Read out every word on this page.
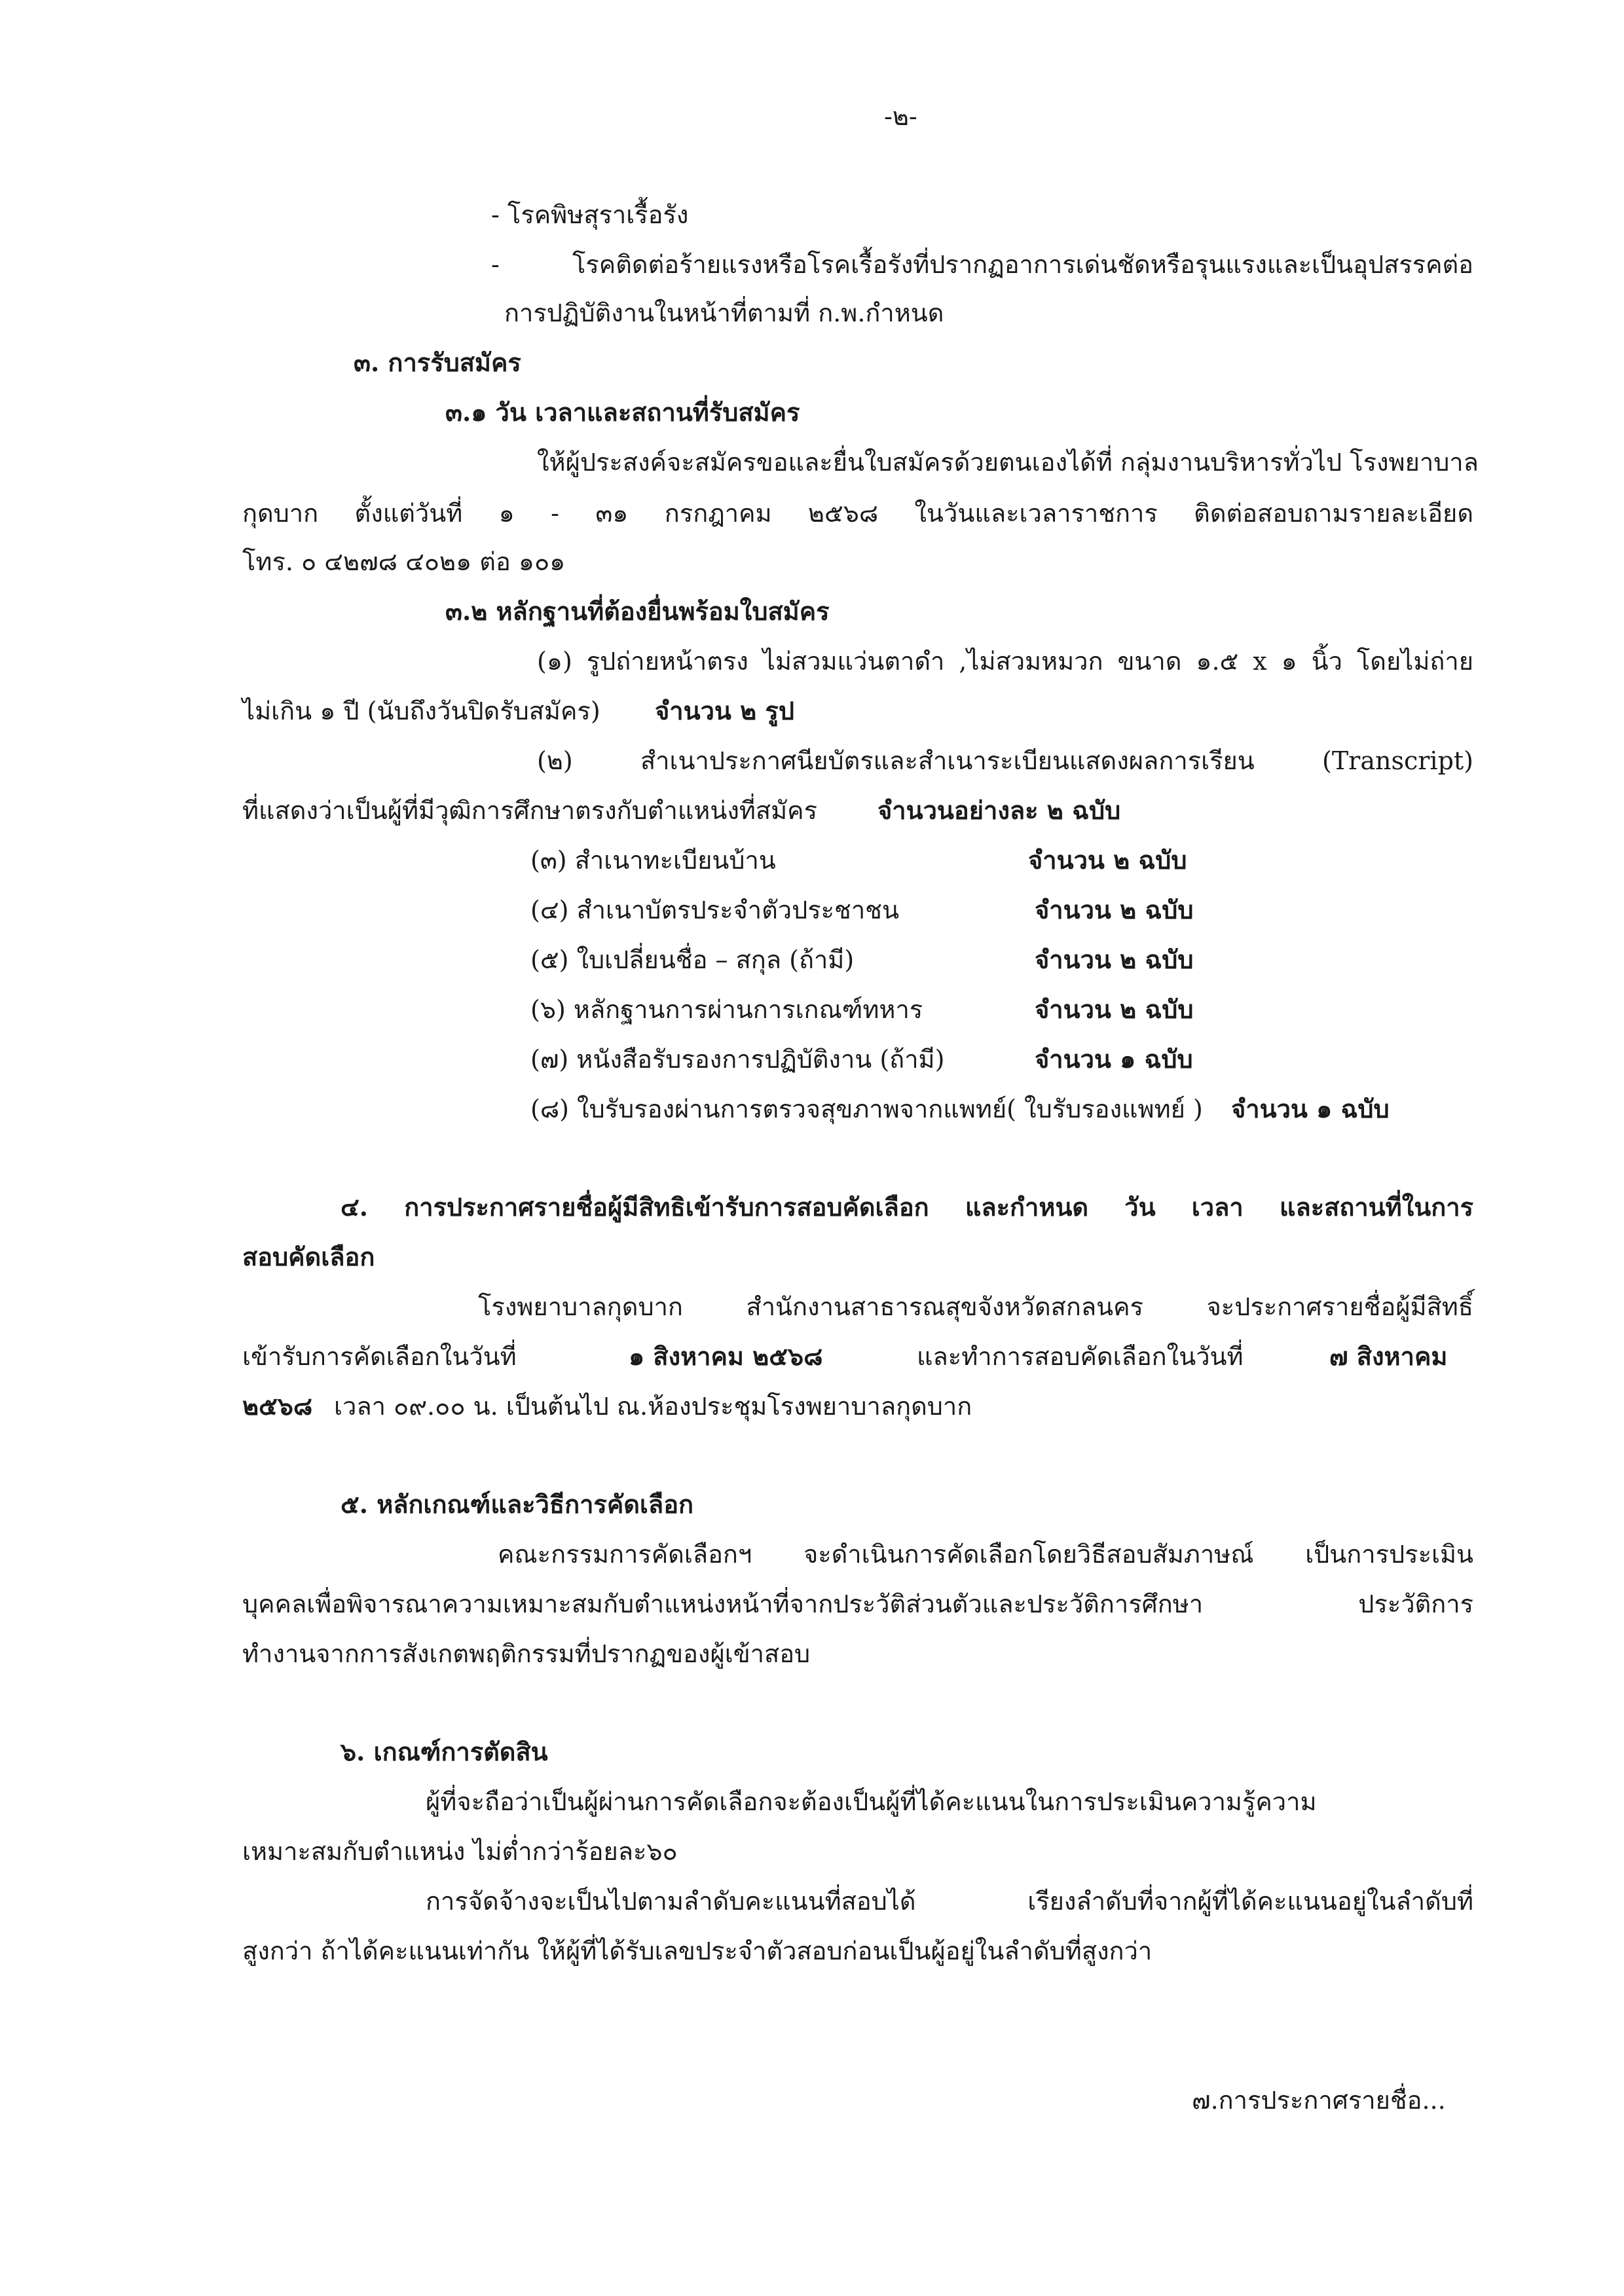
-๒-
- โรคพิษสุราเรื้อรัง
- โรคติดต่อร้ายแรงหรือโรคเรื้อรังที่ปรากฏอาการเด่นชัดหรือรุนแรงและเป็นอุปสรรคต่อ
การปฏิบัติงานในหน้าที่ตามที่ ก.พ.กำหนด
๓. การรับสมัคร
๓.๑ วัน เวลาและสถานที่รับสมัคร
ให้ผู้ประสงค์จะสมัครขอและยื่นใบสมัครด้วยตนเองได้ที่ กลุ่มงานบริหารทั่วไป โรงพยาบาล
กุดบาก ตั้งแต่วันที่ ๑ - ๓๑ กรกฎาคม ๒๕๖๘ ในวันและเวลาราชการ ติดต่อสอบถามรายละเอียด
โทร. ๐ ๔๒๗๘ ๔๐๒๑ ต่อ ๑๐๑
๓.๒ หลักฐานที่ต้องยื่นพร้อมใบสมัคร
(๑) รูปถ่ายหน้าตรง ไม่สวมแว่นตาดำ ,ไม่สวมหมวก ขนาด ๑.๕ x ๑ นิ้ว โดยไม่ถ่าย
ไม่เกิน ๑ ปี (นับถึงวันปิดรับสมัคร) จำนวน ๒ รูป
(๒) สำเนาประกาศนียบัตรและสำเนาระเบียนแสดงผลการเรียน (Transcript)
ที่แสดงว่าเป็นผู้ที่มีวุฒิการศึกษาตรงกับตำแหน่งที่สมัคร จำนวนอย่างละ ๒ ฉบับ
(๓) สำเนาทะเบียนบ้าน	จำนวน ๒ ฉบับ
(๔) สำเนาบัตรประจำตัวประชาชน	จำนวน ๒ ฉบับ
(๕) ใบเปลี่ยนชื่อ – สกุล (ถ้ามี)	จำนวน ๒ ฉบับ
(๖) หลักฐานการผ่านการเกณฑ์ทหาร	จำนวน ๒ ฉบับ
(๗) หนังสือรับรองการปฏิบัติงาน (ถ้ามี)	จำนวน ๑ ฉบับ
(๘) ใบรับรองผ่านการตรวจสุขภาพจากแพทย์( ใบรับรองแพทย์ ) จำนวน ๑ ฉบับ
๔. การประกาศรายชื่อผู้มีสิทธิเข้ารับการสอบคัดเลือก และกำหนด วัน เวลา และสถานที่ในการ
สอบคัดเลือก
โรงพยาบาลกุดบาก สำนักงานสาธารณสุขจังหวัดสกลนคร จะประกาศรายชื่อผู้มีสิทธิ์
เข้ารับการคัดเลือกในวันที่	๑ สิงหาคม ๒๕๖๘	และทำการสอบคัดเลือกในวันที่	๗ สิงหาคม
๒๕๖๘ เวลา ๐๙.๐๐ น. เป็นต้นไป ณ.ห้องประชุมโรงพยาบาลกุดบาก
๕. หลักเกณฑ์และวิธีการคัดเลือก
คณะกรรมการคัดเลือกฯ จะดำเนินการคัดเลือกโดยวิธีสอบสัมภาษณ์ เป็นการประเมิน
บุคคลเพื่อพิจารณาความเหมาะสมกับตำแหน่งหน้าที่จากประวัติส่วนตัวและประวัติการศึกษา ประวัติการ
ทำงานจากการสังเกตพฤติกรรมที่ปรากฏของผู้เข้าสอบ
๖. เกณฑ์การตัดสิน
ผู้ที่จะถือว่าเป็นผู้ผ่านการคัดเลือกจะต้องเป็นผู้ที่ได้คะแนนในการประเมินความรู้ความ
เหมาะสมกับตำแหน่ง ไม่ต่ำกว่าร้อยละ๖๐
การจัดจ้างจะเป็นไปตามลำดับคะแนนที่สอบได้ เรียงลำดับที่จากผู้ที่ได้คะแนนอยู่ในลำดับที่
สูงกว่า ถ้าได้คะแนนเท่ากัน ให้ผู้ที่ได้รับเลขประจำตัวสอบก่อนเป็นผู้อยู่ในลำดับที่สูงกว่า
๗.การประกาศรายชื่อ...
